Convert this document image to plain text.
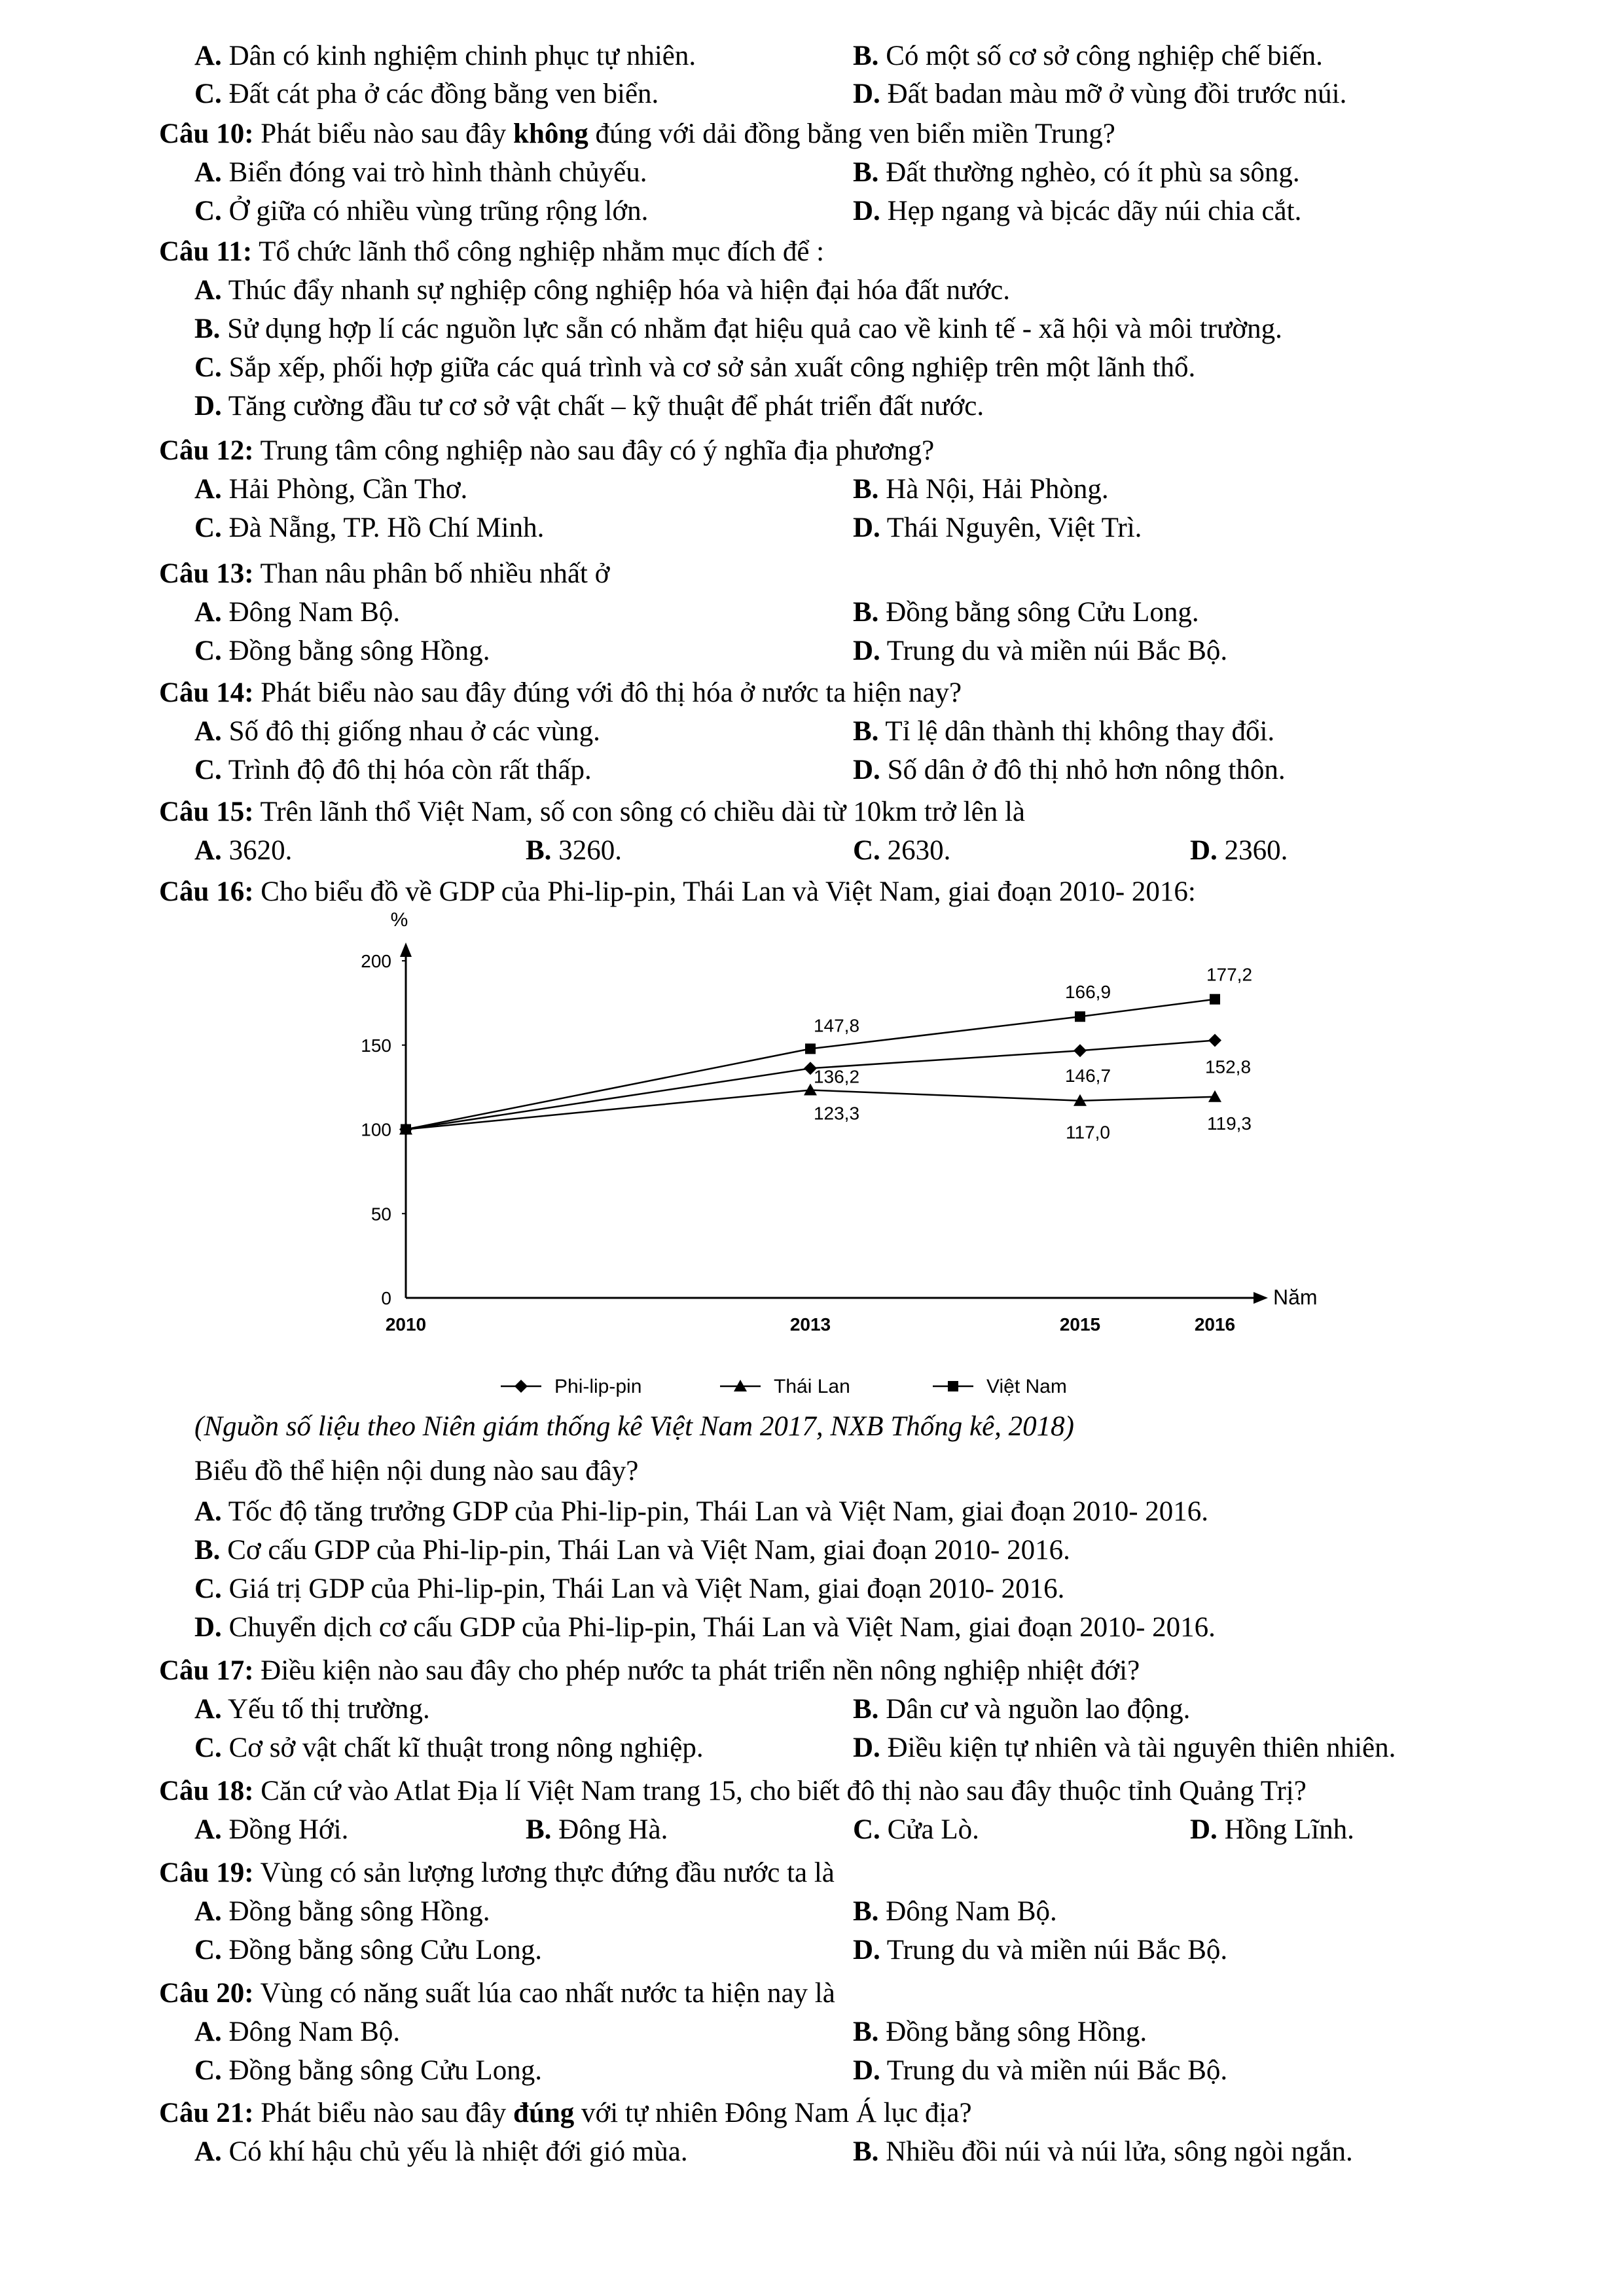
A. Dân có kinh nghiệm chinh phục tự nhiên.	B. Có một số cơ sở công nghiệp chế biến.
C. Đất cát pha ở các đồng bằng ven biển.	D. Đất badan màu mỡ ở vùng đồi trước núi.
Câu 10: Phát biểu nào sau đây không đúng với dải đồng bằng ven biển miền Trung?
A. Biển đóng vai trò hình thành chủyếu.	B. Đất thường nghèo, có ít phù sa sông.
C. Ở giữa có nhiều vùng trũng rộng lớn.	D. Hẹp ngang và bịcác dãy núi chia cắt.
Câu 11: Tổ chức lãnh thổ công nghiệp nhằm mục đích để :
A. Thúc đẩy nhanh sự nghiệp công nghiệp hóa và hiện đại hóa đất nước.
B. Sử dụng hợp lí các nguồn lực sẵn có nhằm đạt hiệu quả cao về kinh tế - xã hội và môi trường.
C. Sắp xếp, phối hợp giữa các quá trình và cơ sở sản xuất công nghiệp trên một lãnh thổ.
D. Tăng cường đầu tư cơ sở vật chất – kỹ thuật để phát triển đất nước.
Câu 12: Trung tâm công nghiệp nào sau đây có ý nghĩa địa phương?
A. Hải Phòng, Cần Thơ.	B. Hà Nội, Hải Phòng.
C. Đà Nẵng, TP. Hồ Chí Minh.	D. Thái Nguyên, Việt Trì.
Câu 13: Than nâu phân bố nhiều nhất ở
A. Đông Nam Bộ.	B. Đồng bằng sông Cửu Long.
C. Đồng bằng sông Hồng.	D. Trung du và miền núi Bắc Bộ.
Câu 14: Phát biểu nào sau đây đúng với đô thị hóa ở nước ta hiện nay?
A. Số đô thị giống nhau ở các vùng.	B. Tỉ lệ dân thành thị không thay đổi.
C. Trình độ đô thị hóa còn rất thấp.	D. Số dân ở đô thị nhỏ hơn nông thôn.
Câu 15: Trên lãnh thổ Việt Nam, số con sông có chiều dài từ 10km trở lên là
A. 3620.	B. 3260.	C. 2630.	D. 2360.
Câu 16: Cho biểu đồ về GDP của Phi-lip-pin, Thái Lan và Việt Nam, giai đoạn 2010- 2016:
%
Năm
0
50
100
150
200
2010	2013	2015	2016
136,2	146,7	152,8
123,3
117,0	119,3
147,8
166,9
177,2
Phi-lip-pin	Thái Lan	Việt Nam
(Nguồn số liệu theo Niên giám thống kê Việt Nam 2017, NXB Thống kê, 2018)
Biểu đồ thể hiện nội dung nào sau đây?
A. Tốc độ tăng trưởng GDP của Phi-lip-pin, Thái Lan và Việt Nam, giai đoạn 2010- 2016.
B. Cơ cấu GDP của Phi-lip-pin, Thái Lan và Việt Nam, giai đoạn 2010- 2016.
C. Giá trị GDP của Phi-lip-pin, Thái Lan và Việt Nam, giai đoạn 2010- 2016.
D. Chuyển dịch cơ cấu GDP của Phi-lip-pin, Thái Lan và Việt Nam, giai đoạn 2010- 2016.
Câu 17: Điều kiện nào sau đây cho phép nước ta phát triển nền nông nghiệp nhiệt đới?
A. Yếu tố thị trường.	B. Dân cư và nguồn lao động.
C. Cơ sở vật chất kĩ thuật trong nông nghiệp.	D. Điều kiện tự nhiên và tài nguyên thiên nhiên.
Câu 18: Căn cứ vào Atlat Địa lí Việt Nam trang 15, cho biết đô thị nào sau đây thuộc tỉnh Quảng Trị?
A. Đồng Hới.	B. Đông Hà.	C. Cửa Lò.	D. Hồng Lĩnh.
Câu 19: Vùng có sản lượng lương thực đứng đầu nước ta là
A. Đồng bằng sông Hồng.	B. Đông Nam Bộ.
C. Đồng bằng sông Cửu Long.	D. Trung du và miền núi Bắc Bộ.
Câu 20: Vùng có năng suất lúa cao nhất nước ta hiện nay là
A. Đông Nam Bộ.	B. Đồng bằng sông Hồng.
C. Đồng bằng sông Cửu Long.	D. Trung du và miền núi Bắc Bộ.
Câu 21: Phát biểu nào sau đây đúng với tự nhiên Đông Nam Á lục địa?
A. Có khí hậu chủ yếu là nhiệt đới gió mùa.	B. Nhiều đồi núi và núi lửa, sông ngòi ngắn.
